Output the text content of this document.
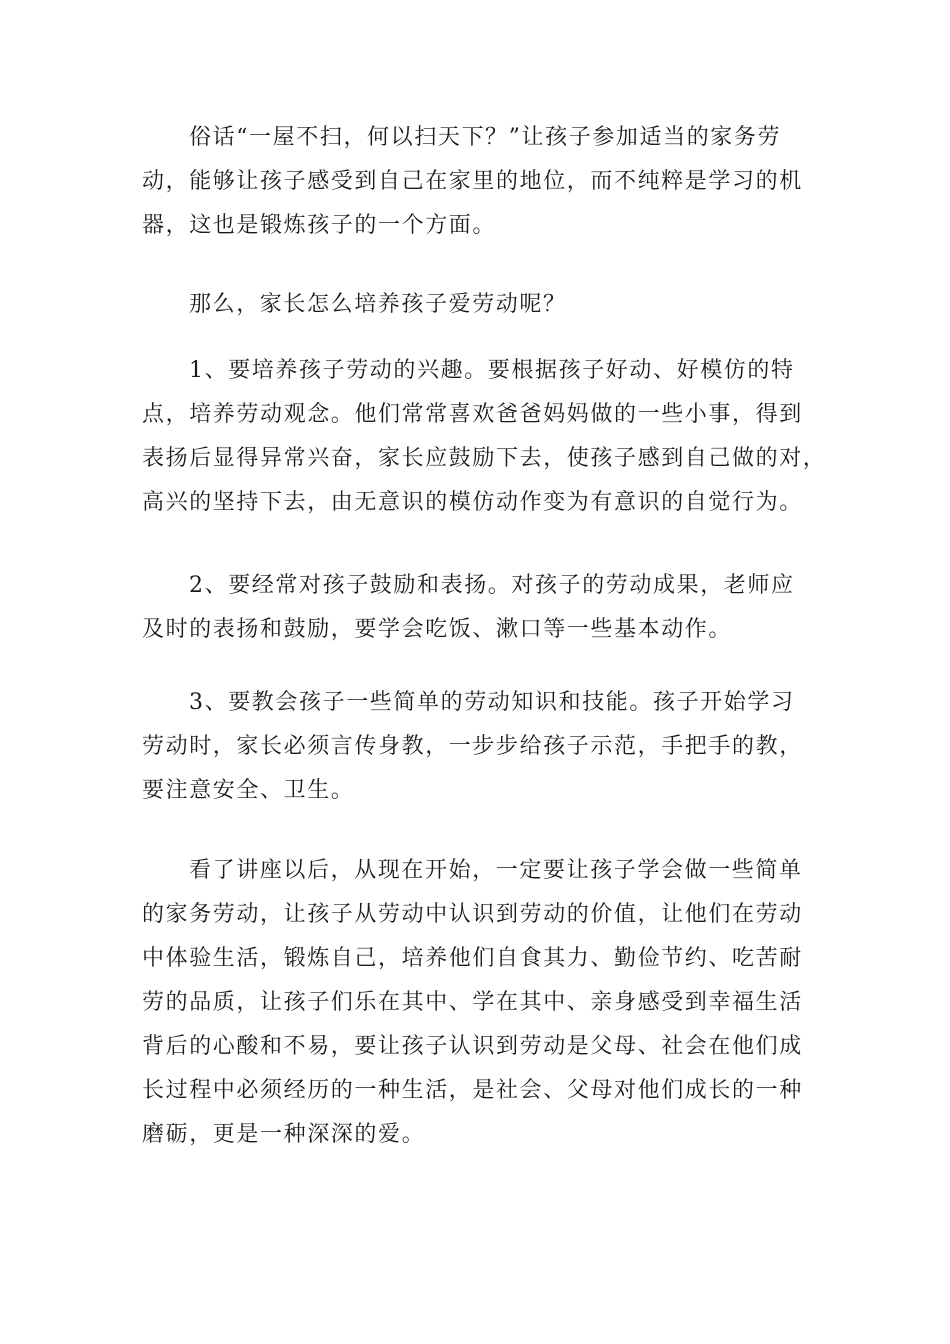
俗话“一屋不扫，何以扫天下？”让孩子参加适当的家务劳
动，能够让孩子感受到自己在家里的地位，而不纯粹是学习的机
器，这也是锻炼孩子的一个方面。

那么，家长怎么培养孩子爱劳动呢？

1、要培养孩子劳动的兴趣。要根据孩子好动、好模仿的特
点，培养劳动观念。他们常常喜欢爸爸妈妈做的一些小事，得到
表扬后显得异常兴奋，家长应鼓励下去，使孩子感到自己做的对，
高兴的坚持下去，由无意识的模仿动作变为有意识的自觉行为。

2、要经常对孩子鼓励和表扬。对孩子的劳动成果，老师应
及时的表扬和鼓励，要学会吃饭、漱口等一些基本动作。

3、要教会孩子一些简单的劳动知识和技能。孩子开始学习
劳动时，家长必须言传身教，一步步给孩子示范，手把手的教，
要注意安全、卫生。

看了讲座以后，从现在开始，一定要让孩子学会做一些简单
的家务劳动，让孩子从劳动中认识到劳动的价值，让他们在劳动
中体验生活，锻炼自己，培养他们自食其力、勤俭节约、吃苦耐
劳的品质，让孩子们乐在其中、学在其中、亲身感受到幸福生活
背后的心酸和不易，要让孩子认识到劳动是父母、社会在他们成
长过程中必须经历的一种生活，是社会、父母对他们成长的一种
磨砺，更是一种深深的爱。
